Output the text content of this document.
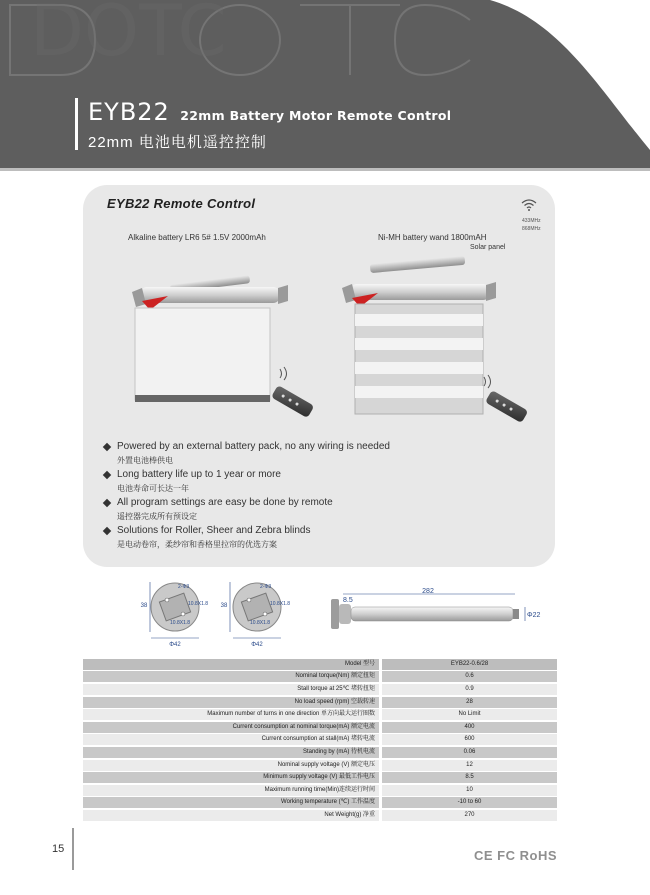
DOTC
EYB22 22mm Battery Motor Remote Control
22mm 电池电机遥控控制
EYB22 Remote Control
433MHz
868MHz
Alkaline battery LR6 5# 1.5V 2000mAh	Ni-MH battery wand 1800mAH
Solar panel
Powered by an external battery pack, no any wiring is needed
外置电池棒供电
Long battery life up to 1 year or more
电池寿命可长达一年
All program settings are easy be done by remote
遥控器完成所有预设定
Solutions for Roller, Sheer and Zebra blinds
是电动卷帘，柔纱帘和香格里拉帘的优选方案
38
2-Φ3
10.8X1.8
10.8X1.8
Φ42
38
2-Φ3
10.8X1.8
10.8X1.8
Φ42
282
8.5
Φ22
Model 型号	EYB22-0.6/28
Nominal torque(Nm) 额定扭矩	0.6
Stall torque at 25℃ 堵转扭矩	0.9
No load speed (rpm) 空载转速	28
Maximum number of turns in one direction 单方向最大运行圈数	No Limit
Current consumption at nominal torque(mA) 额定电流	400
Current consumption at stall(mA) 堵转电流	600
Standing by (mA) 待机电流	0.06
Nominal supply voltage (V) 额定电压	12
Minimum supply voltage (V) 最低工作电压	8.5
Maximum running time(Min)连续运行时间	10
Working temperature (℃) 工作温度	-10 to 60
Net Weight(g) 净重	270
15	CE FC RoHS
